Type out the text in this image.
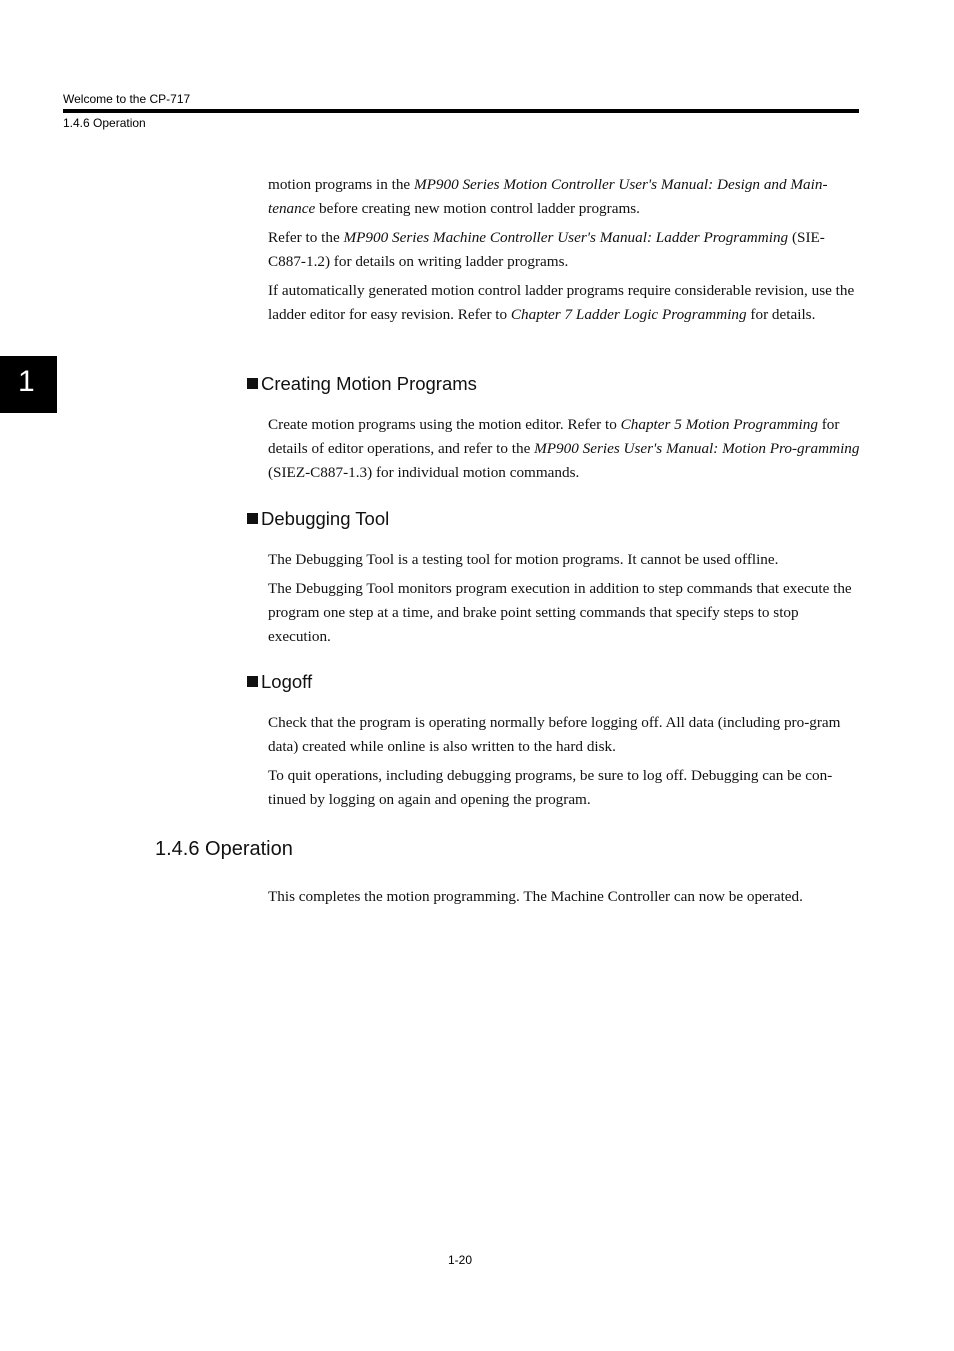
Welcome to the CP-717
1.4.6 Operation
1

motion programs in the MP900 Series Motion Controller User's Manual: Design and Main-tenance before creating new motion control ladder programs.

Refer to the MP900 Series Machine Controller User's Manual: Ladder Programming (SIE-C887-1.2) for details on writing ladder programs.

If automatically generated motion control ladder programs require considerable revision, use the ladder editor for easy revision. Refer to Chapter 7 Ladder Logic Programming for details.

Creating Motion Programs

Create motion programs using the motion editor. Refer to Chapter 5 Motion Programming for details of editor operations, and refer to the MP900 Series User's Manual: Motion Pro-gramming (SIEZ-C887-1.3) for individual motion commands.

Debugging Tool

The Debugging Tool is a testing tool for motion programs. It cannot be used offline.

The Debugging Tool monitors program execution in addition to step commands that execute the program one step at a time, and brake point setting commands that specify steps to stop execution.

Logoff

Check that the program is operating normally before logging off. All data (including pro-gram data) created while online is also written to the hard disk.

To quit operations, including debugging programs, be sure to log off. Debugging can be con-tinued by logging on again and opening the program.

1.4.6 Operation

This completes the motion programming. The Machine Controller can now be operated.

1-20
